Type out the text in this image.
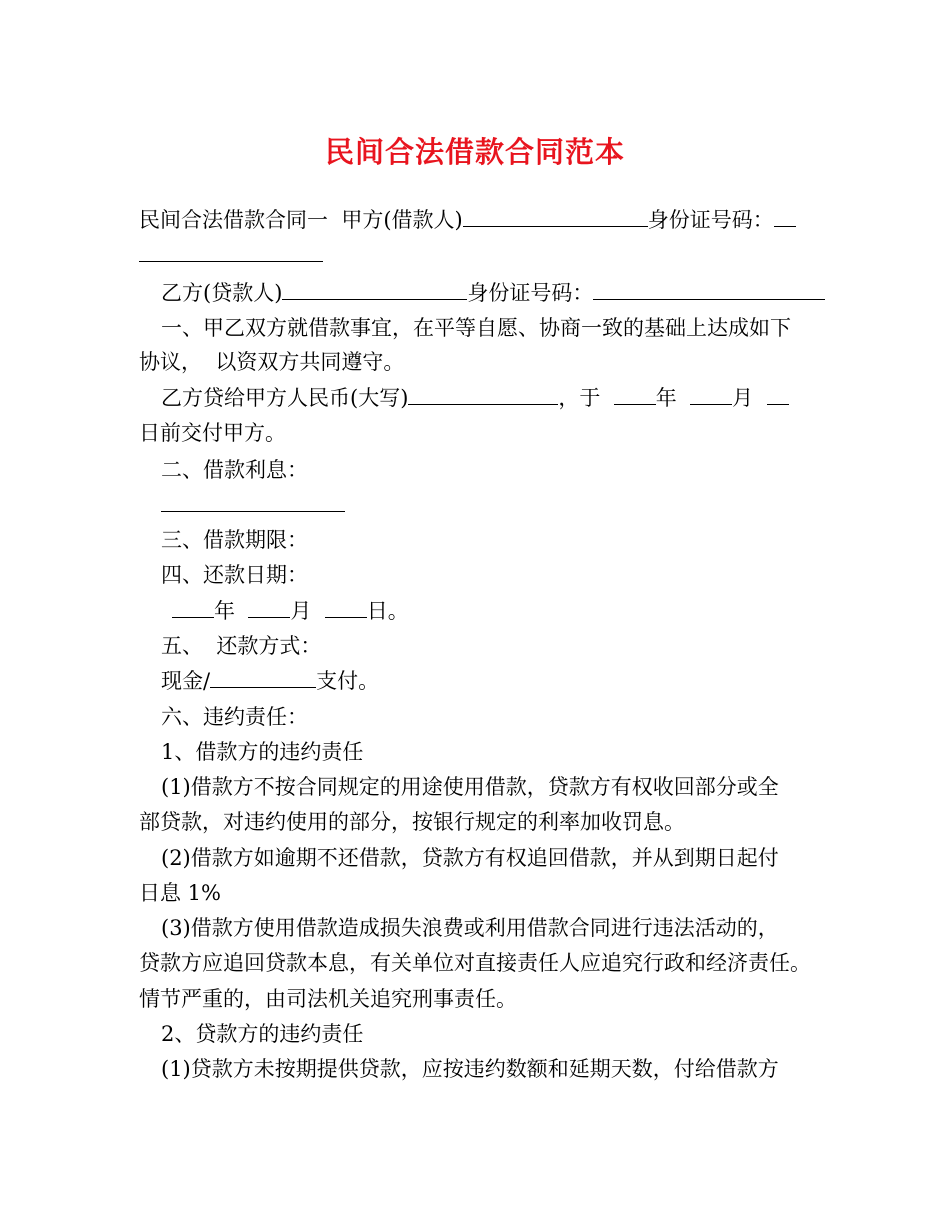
民间合法借款合同范本
民间合法借款合同一  甲方(借款人)	身份证号码：
乙方(贷款人)	身份证号码：
一、甲乙双方就借款事宜，在平等自愿、协商一致的基础上达成如下
协议，  以资双方共同遵守。
乙方贷给甲方人民币(大写)	，于  年  月
日前交付甲方。
二、借款利息：
三、借款期限：
四、还款日期：
年  月  日。
五、  还款方式：
现金/	支付。
六、违约责任：
1、借款方的违约责任
(1)借款方不按合同规定的用途使用借款，贷款方有权收回部分或全
部贷款，对违约使用的部分，按银行规定的利率加收罚息。
(2)借款方如逾期不还借款，贷款方有权追回借款，并从到期日起付
日息 1%
(3)借款方使用借款造成损失浪费或利用借款合同进行违法活动的，
贷款方应追回贷款本息，有关单位对直接责任人应追究行政和经济责任。
情节严重的，由司法机关追究刑事责任。
2、贷款方的违约责任
(1)贷款方未按期提供贷款，应按违约数额和延期天数，付给借款方
